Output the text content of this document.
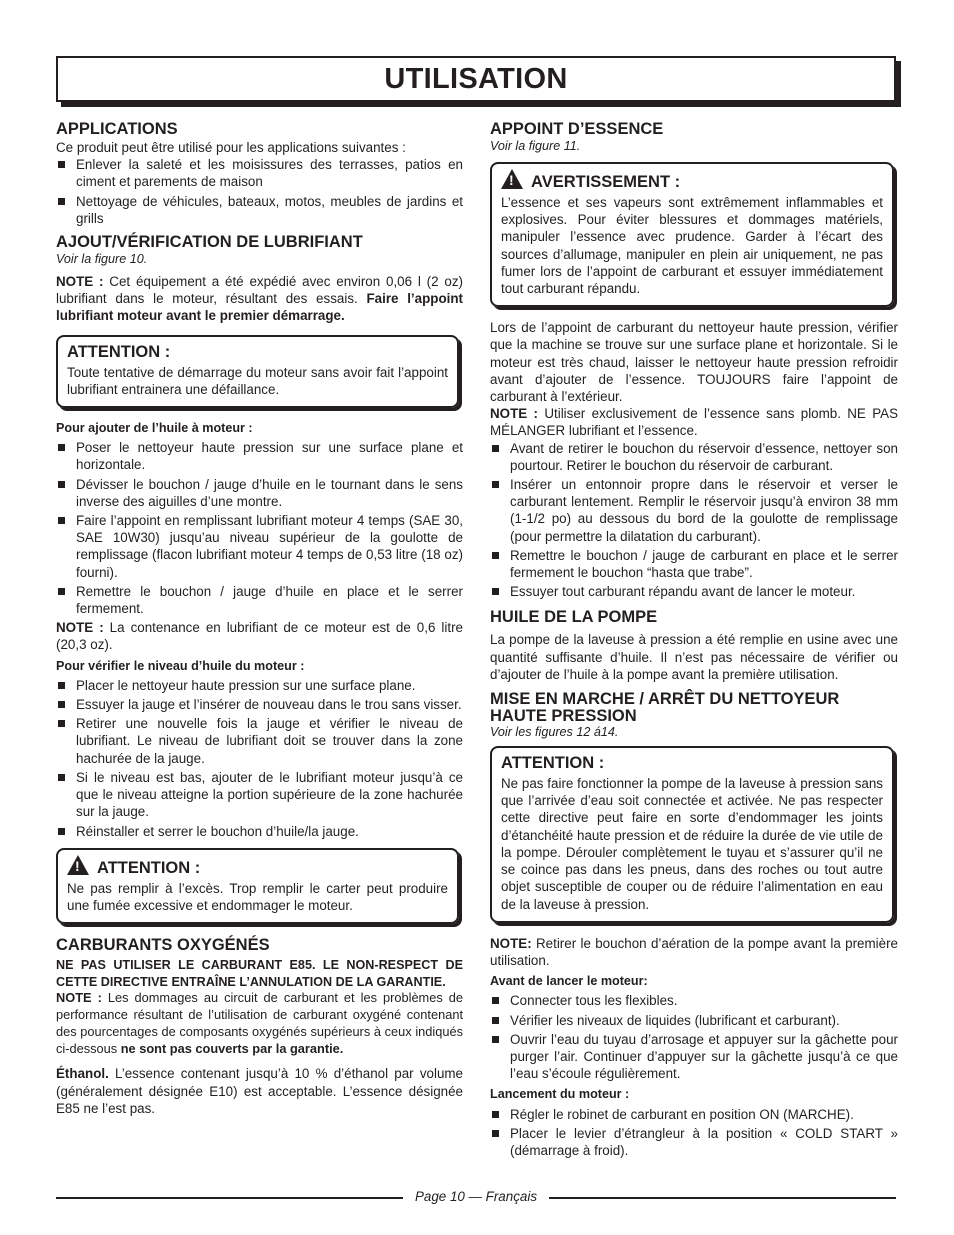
UTILISATION
APPLICATIONS

Ce produit peut être utilisé pour les applications suivantes :

Enlever la saleté et les moisissures des terrasses, patios en ciment et parements de maison
Nettoyage de véhicules, bateaux, motos, meubles de jardins et grills
AJOUT/VÉRIFICATION DE LUBRIFIANT
Voir la figure 10.

NOTE : Cet équipement a été expédié avec environ 0,06 l (2 oz) lubrifiant dans le moteur, résultant des essais. Faire l’appoint lubrifiant moteur avant le premier démarrage.

ATTENTION :

Toute tentative de démarrage du moteur sans avoir fait l’appoint lubrifiant entrainera une défaillance.

Pour ajouter de l’huile à moteur :
Poser le nettoyeur haute pression sur une surface plane et horizontale.
Dévisser le bouchon / jauge d’huile en le tournant dans le sens inverse des aiguilles d’une montre.
Faire l’appoint en remplissant lubrifiant moteur 4 temps (SAE 30, SAE 10W30) jusqu’au niveau supérieur de la goulotte de remplissage (flacon lubrifiant moteur 4 temps de 0,53 litre (18 oz) fourni).
Remettre le bouchon / jauge d’huile en place et le serrer fermement.

NOTE : La contenance en lubrifiant de ce moteur est de 0,6 litre (20,3 oz).

Pour vérifier le niveau d’huile du moteur :
Placer le nettoyeur haute pression sur une surface plane.
Essuyer la jauge et l’insérer de nouveau dans le trou sans visser.
Retirer une nouvelle fois la jauge et vérifier le niveau de lubrifiant. Le niveau de lubrifiant doit se trouver dans la zone hachurée de la jauge.
Si le niveau est bas, ajouter de le lubrifiant moteur jusqu’à ce que le niveau atteigne la portion supérieure de la zone hachurée sur la jauge.
Réinstaller et serrer le bouchon d’huile/la jauge.
!ATTENTION :

Ne pas remplir à l’excès. Trop remplir le carter peut produire une fumée excessive et endommager le moteur.

CARBURANTS OXYGÉNÉS

NE PAS UTILISER LE CARBURANT E85. LE NON-RESPECT DE CETTE DIRECTIVE ENTRAÎNE L’ANNULATION DE LA GARANTIE.

NOTE : Les dommages au circuit de carburant et les problèmes de performance résultant de l’utilisation de carburant oxygéné contenant des pourcentages de composants oxygénés supérieurs à ceux indiqués ci-dessous ne sont pas couverts par la garantie.

Éthanol. L’essence contenant jusqu’à 10 % d’éthanol par volume (généralement désignée E10) est acceptable. L’essence désignée E85 ne l’est pas.

APPOINT D’ESSENCE
Voir la figure 11.
!AVERTISSEMENT :

L’essence et ses vapeurs sont extrêmement inflammables et explosives. Pour éviter blessures et dommages matériels, manipuler l’essence avec prudence. Garder à l’écart des sources d’allumage, manipuler en plein air uniquement, ne pas fumer lors de l’appoint de carburant et essuyer immédiatement tout carburant répandu.

Lors de l’appoint de carburant du nettoyeur haute pression, vérifier que la machine se trouve sur une surface plane et horizontale. Si le moteur est très chaud, laisser le nettoyeur haute pression refroidir avant d’ajouter de l’essence. TOUJOURS faire l’appoint de carburant à l’extérieur.

NOTE : Utiliser exclusivement de l’essence sans plomb. NE PAS MÉLANGER lubrifiant et l’essence.

Avant de retirer le bouchon du réservoir d’essence, nettoyer son pourtour. Retirer le bouchon du réservoir de carburant.
Insérer un entonnoir propre dans le réservoir et verser le carburant lentement. Remplir le réservoir jusqu’à environ 38 mm (1-1/2 po) au dessous du bord de la goulotte de remplissage (pour permettre la dilatation du carburant).
Remettre le bouchon / jauge de carburant en place et le serrer fermement le bouchon “hasta que trabe”.
Essuyer tout carburant répandu avant de lancer le moteur.
HUILE DE LA POMPE

La pompe de la laveuse à pression a été remplie en usine avec une quantité suffisante d’huile. Il n’est pas nécessaire de vérifier ou d’ajouter de l’huile à la pompe avant la première utilisation.

MISE EN MARCHE / ARRÊT DU NETTOYEUR HAUTE PRESSION
Voir les figures 12 á14.
ATTENTION :

Ne pas faire fonctionner la pompe de la laveuse à pression sans que l’arrivée d’eau soit connectée et activée. Ne pas respecter cette directive peut faire en sorte d’endommager les joints d’étanchéité haute pression et de réduire la durée de vie utile de la pompe. Dérouler complètement le tuyau et s’assurer qu’il ne se coince pas dans les pneus, dans des roches ou tout autre objet susceptible de couper ou de réduire l’alimentation en eau de la laveuse à pression.

NOTE: Retirer le bouchon d’aération de la pompe avant la première utilisation.

Avant de lancer le moteur:
Connecter tous les flexibles.
Vérifier les niveaux de liquides (lubrificant et carburant).
Ouvrir l’eau du tuyau d’arrosage et appuyer sur la gâchette pour purger l’air. Continuer d’appuyer sur la gâchette jusqu’à ce que l’eau s’écoule régulièrement.
Lancement du moteur :
Régler le robinet de carburant en position ON (MARCHE).
Placer le levier d’étrangleur à la position « COLD START » (démarrage à froid).
Page 10 — Français
